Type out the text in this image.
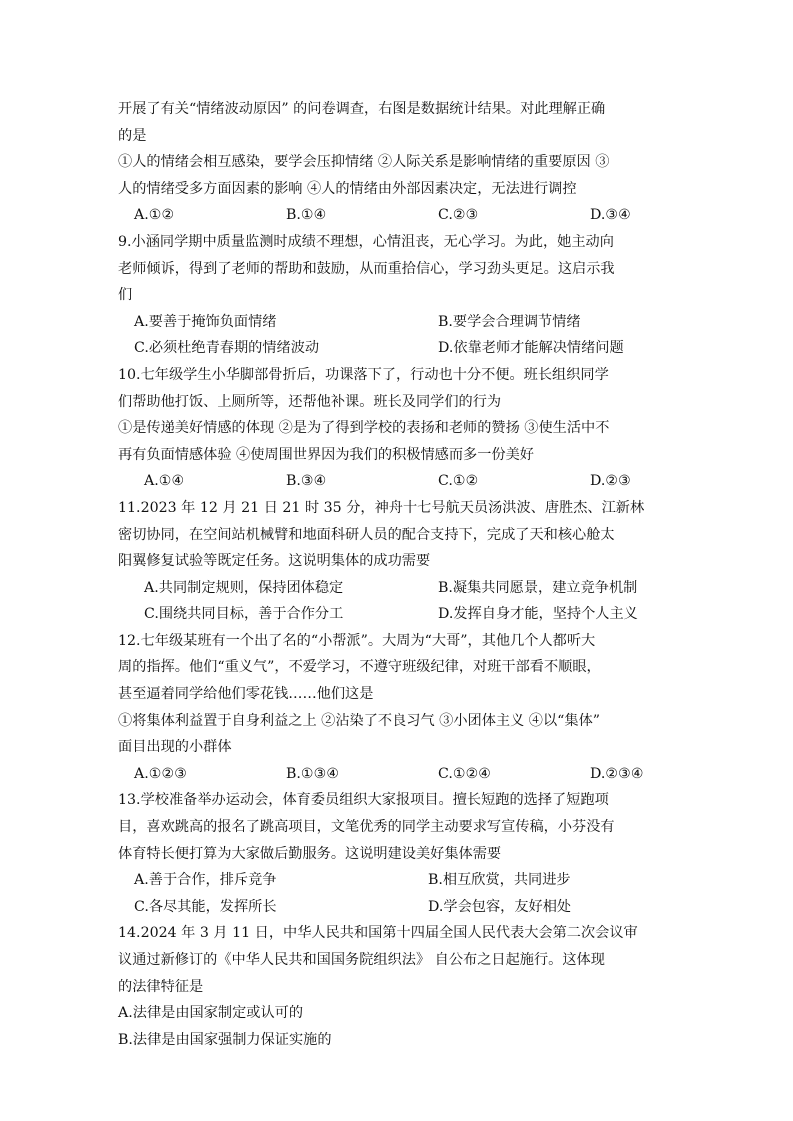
开展了有关“情绪波动原因” 的问卷调查，右图是数据统计结果。对此理解正确
的是
①人的情绪会相互感染，要学会压抑情绪 ②人际关系是影响情绪的重要原因 ③
人的情绪受多方面因素的影响 ④人的情绪由外部因素决定，无法进行调控
A.①②	B.①④	C.②③	D.③④
9.小涵同学期中质量监测时成绩不理想，心情沮丧，无心学习。为此，她主动向
老师倾诉，得到了老师的帮助和鼓励，从而重拾信心，学习劲头更足。这启示我
们
A.要善于掩饰负面情绪	B.要学会合理调节情绪
C.必须杜绝青春期的情绪波动	D.依靠老师才能解决情绪问题
10.七年级学生小华脚部骨折后，功课落下了，行动也十分不便。班长组织同学
们帮助他打饭、上厕所等，还帮他补课。班长及同学们的行为
①是传递美好情感的体现 ②是为了得到学校的表扬和老师的赞扬 ③使生活中不
再有负面情感体验 ④使周围世界因为我们的积极情感而多一份美好
A.①④	B.③④	C.①②	D.②③
11.2023 年 12 月 21 日 21 时 35 分，神舟十七号航天员汤洪波、唐胜杰、江新林
密切协同，在空间站机械臂和地面科研人员的配合支持下，完成了天和核心舱太
阳翼修复试验等既定任务。这说明集体的成功需要
A.共同制定规则，保持团体稳定	B.凝集共同愿景，建立竞争机制
C.围绕共同目标，善于合作分工	D.发挥自身才能，坚持个人主义
12.七年级某班有一个出了名的“小帮派”。大周为“大哥”，其他几个人都听大
周的指挥。他们“重义气”，不爱学习，不遵守班级纪律，对班干部看不顺眼，
甚至逼着同学给他们零花钱……他们这是
①将集体利益置于自身利益之上 ②沾染了不良习气 ③小团体主义 ④以“集体”
面目出现的小群体
A.①②③	B.①③④	C.①②④	D.②③④
13.学校准备举办运动会，体育委员组织大家报项目。擅长短跑的选择了短跑项
目，喜欢跳高的报名了跳高项目，文笔优秀的同学主动要求写宣传稿，小芬没有
体育特长便打算为大家做后勤服务。这说明建设美好集体需要
A.善于合作，排斥竞争	B.相互欣赏，共同进步
C.各尽其能，发挥所长	D.学会包容，友好相处
14.2024 年 3 月 11 日，中华人民共和国第十四届全国人民代表大会第二次会议审
议通过新修订的《中华人民共和国国务院组织法》 自公布之日起施行。这体现
的法律特征是
A.法律是由国家制定或认可的
B.法律是由国家强制力保证实施的
